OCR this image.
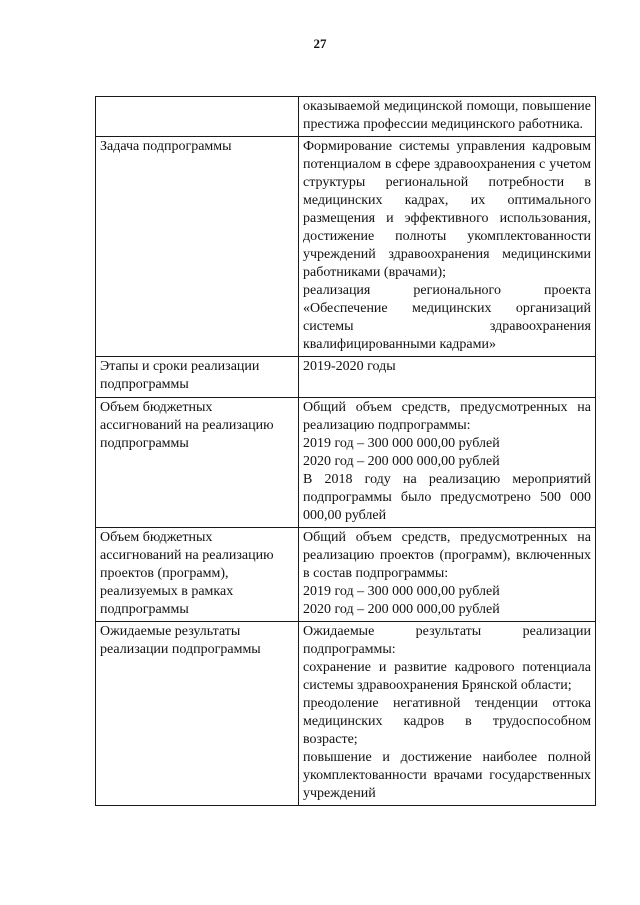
27

	оказываемой медицинской помощи, повышение престижа профессии медицинского работника.

Задача подпрограммы	Формирование системы управления кадровым потенциалом в сфере здравоохранения с учетом структуры региональной потребности в медицинских кадрах, их оптимального размещения и эффективного использования, достижение полноты укомплектованности учреждений здравоохранения медицинскими работниками (врачами);
реализация регионального проекта «Обеспечение медицинских организаций системы здравоохранения квалифицированными кадрами»

Этапы и сроки реализации подпрограммы	2019-2020 годы

Объем бюджетных ассигнований на реализацию подпрограммы	Общий объем средств, предусмотренных на реализацию подпрограммы:
2019 год – 300 000 000,00 рублей
2020 год – 200 000 000,00 рублей
В 2018 году на реализацию мероприятий подпрограммы было предусмотрено 500 000 000,00 рублей

Объем бюджетных ассигнований на реализацию проектов (программ), реализуемых в рамках подпрограммы	Общий объем средств, предусмотренных на реализацию проектов (программ), включенных в состав подпрограммы:
2019 год – 300 000 000,00 рублей
2020 год – 200 000 000,00 рублей

Ожидаемые результаты реализации подпрограммы	Ожидаемые результаты реализации подпрограммы:
сохранение и развитие кадрового потенциала системы здравоохранения Брянской области;
преодоление негативной тенденции оттока медицинских кадров в трудоспособном возрасте;
повышение и достижение наиболее полной укомплектованности врачами государственных учреждений
